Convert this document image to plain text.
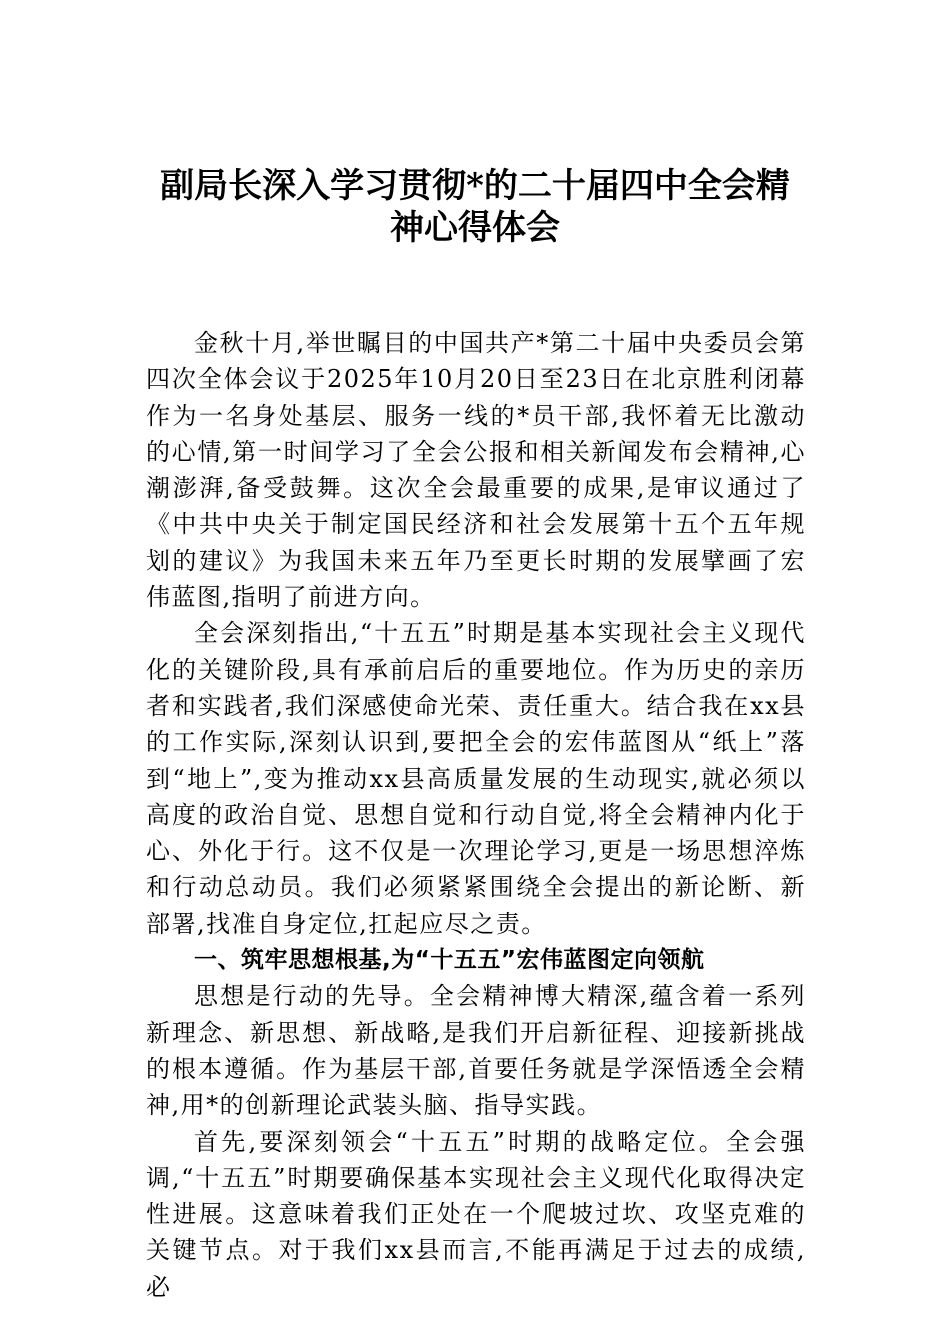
副局长深入学习贯彻*的二十届四中全会精
神心得体会

金秋十月,举世瞩目的中国共产*第二十届中央委员会第四次全体会议于2025年10月20日至23日在北京胜利闭幕作为一名身处基层、服务一线的*员干部,我怀着无比激动的心情,第一时间学习了全会公报和相关新闻发布会精神,心潮澎湃,备受鼓舞。这次全会最重要的成果,是审议通过了《中共中央关于制定国民经济和社会发展第十五个五年规划的建议》为我国未来五年乃至更长时期的发展擘画了宏伟蓝图,指明了前进方向。

全会深刻指出,“十五五”时期是基本实现社会主义现代化的关键阶段,具有承前启后的重要地位。作为历史的亲历者和实践者,我们深感使命光荣、责任重大。结合我在xx县的工作实际,深刻认识到,要把全会的宏伟蓝图从“纸上”落到“地上”,变为推动xx县高质量发展的生动现实,就必须以高度的政治自觉、思想自觉和行动自觉,将全会精神内化于心、外化于行。这不仅是一次理论学习,更是一场思想淬炼和行动总动员。我们必须紧紧围绕全会提出的新论断、新部署,找准自身定位,扛起应尽之责。

一、筑牢思想根基,为“十五五”宏伟蓝图定向领航

思想是行动的先导。全会精神博大精深,蕴含着一系列新理念、新思想、新战略,是我们开启新征程、迎接新挑战的根本遵循。作为基层干部,首要任务就是学深悟透全会精神,用*的创新理论武装头脑、指导实践。

首先,要深刻领会“十五五”时期的战略定位。全会强调,“十五五”时期要确保基本实现社会主义现代化取得决定性进展。这意味着我们正处在一个爬坡过坎、攻坚克难的关键节点。对于我们xx县而言,不能再满足于过去的成绩,必
